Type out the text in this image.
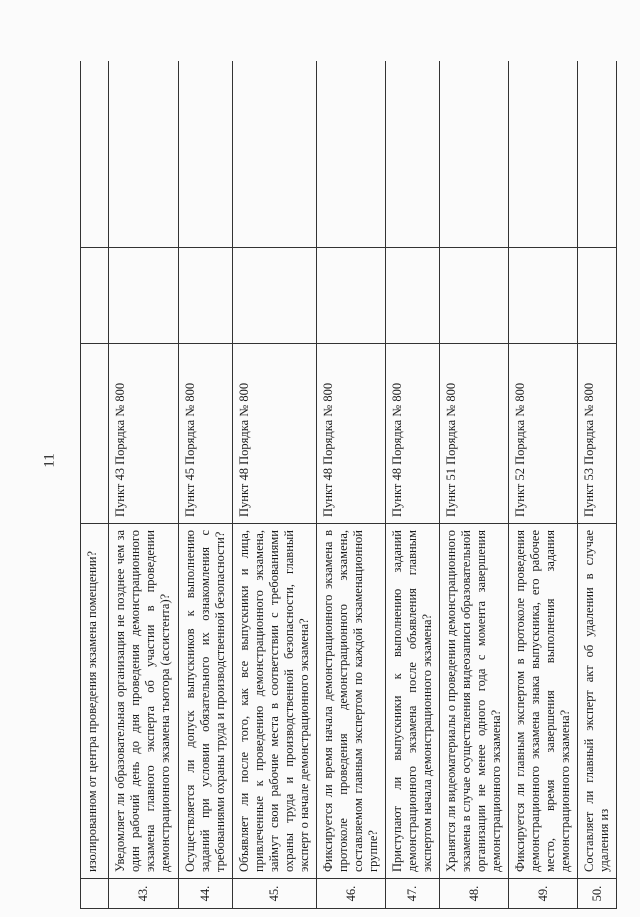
11
	изолированном от центра проведения экзамена помещении?			
43.	Уведомляет ли образовательная организация не позднее чем за один рабочий день до дня проведения демонстрационного экзамена главного эксперта об участии в проведении демонстрационного экзамена тьютора (ассистента)?	Пункт 43 Порядка № 800		
44.	Осуществляется ли допуск выпускников к выполнению заданий при условии обязательного их ознакомления с требованиями охраны труда и производственной безопасности?	Пункт 45 Порядка № 800		
45.	Объявляет ли после того, как все выпускники и лица, привлеченные к проведению демонстрационного экзамена, займут свои рабочие места в соответствии с требованиями охраны труда и производственной безопасности, главный эксперт о начале демонстрационного экзамена?	Пункт 48 Порядка № 800		
46.	Фиксируется ли время начала демонстрационного экзамена в протоколе проведения демонстрационного экзамена, составляемом главным экспертом по каждой экзаменационной группе?	Пункт 48 Порядка № 800		
47.	Приступают ли выпускники к выполнению заданий демонстрационного экзамена после объявления главным экспертом начала демонстрационного экзамена?	Пункт 48 Порядка № 800		
48.	Хранятся ли видеоматериалы о проведении демонстрационного экзамена в случае осуществления видеозаписи образовательной организации не менее одного года с момента завершения демонстрационного экзамена?	Пункт 51 Порядка № 800		
49.	Фиксируется ли главным экспертом в протоколе проведения демонстрационного экзамена знака выпускника, его рабочее место, время завершения выполнения задания демонстрационного экзамена?	Пункт 52 Порядка № 800		
50.	Составляет ли главный эксперт акт об удалении в случае удаления из	Пункт 53 Порядка № 800		
